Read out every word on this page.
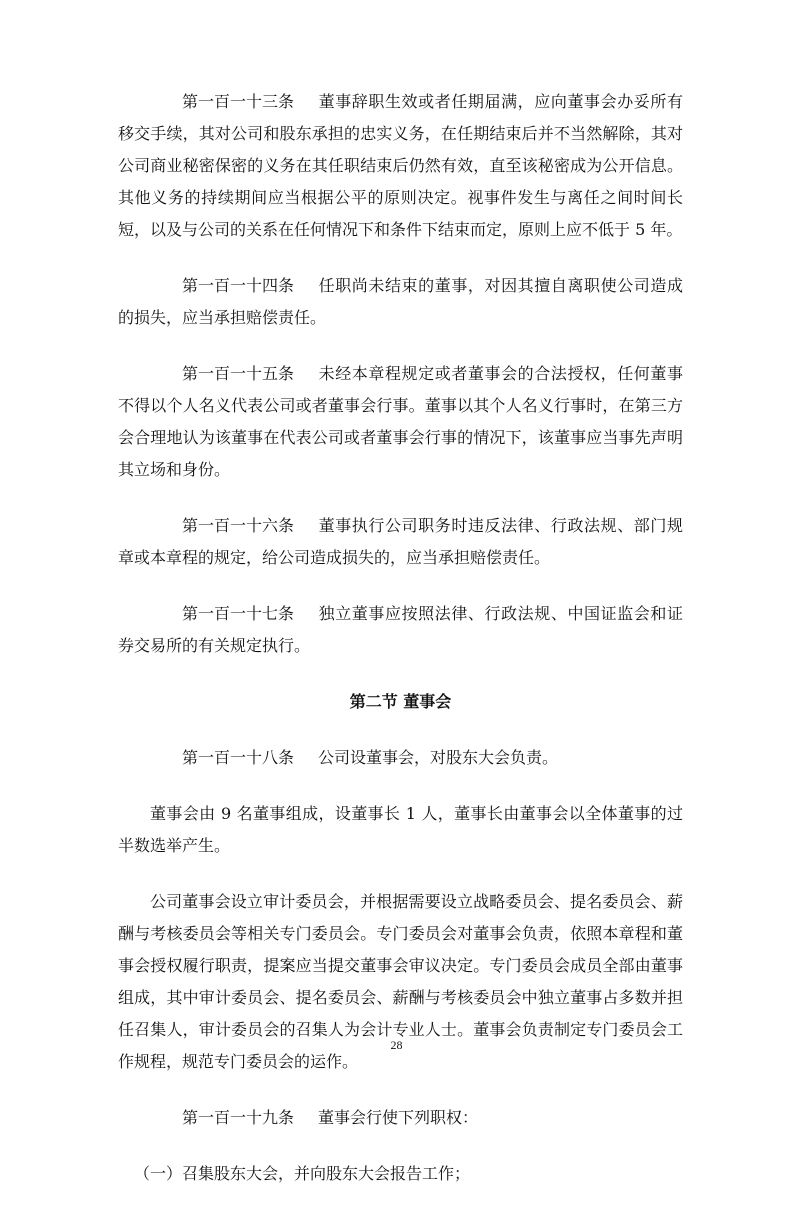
第一百一十三条 董事辞职生效或者任期届满，应向董事会办妥所有移交手续，其对公司和股东承担的忠实义务，在任期结束后并不当然解除，其对公司商业秘密保密的义务在其任职结束后仍然有效，直至该秘密成为公开信息。其他义务的持续期间应当根据公平的原则决定。视事件发生与离任之间时间长短，以及与公司的关系在任何情况下和条件下结束而定，原则上应不低于 5 年。

第一百一十四条 任职尚未结束的董事，对因其擅自离职使公司造成的损失，应当承担赔偿责任。

第一百一十五条 未经本章程规定或者董事会的合法授权，任何董事不得以个人名义代表公司或者董事会行事。董事以其个人名义行事时，在第三方会合理地认为该董事在代表公司或者董事会行事的情况下，该董事应当事先声明其立场和身份。

第一百一十六条 董事执行公司职务时违反法律、行政法规、部门规章或本章程的规定，给公司造成损失的，应当承担赔偿责任。

第一百一十七条 独立董事应按照法律、行政法规、中国证监会和证券交易所的有关规定执行。

第二节 董事会

第一百一十八条 公司设董事会，对股东大会负责。

董事会由 9 名董事组成，设董事长 1 人，董事长由董事会以全体董事的过半数选举产生。

公司董事会设立审计委员会，并根据需要设立战略委员会、提名委员会、薪酬与考核委员会等相关专门委员会。专门委员会对董事会负责，依照本章程和董事会授权履行职责，提案应当提交董事会审议决定。专门委员会成员全部由董事组成，其中审计委员会、提名委员会、薪酬与考核委员会中独立董事占多数并担任召集人，审计委员会的召集人为会计专业人士。董事会负责制定专门委员会工作规程，规范专门委员会的运作。

第一百一十九条 董事会行使下列职权：

（一）召集股东大会，并向股东大会报告工作；

28
